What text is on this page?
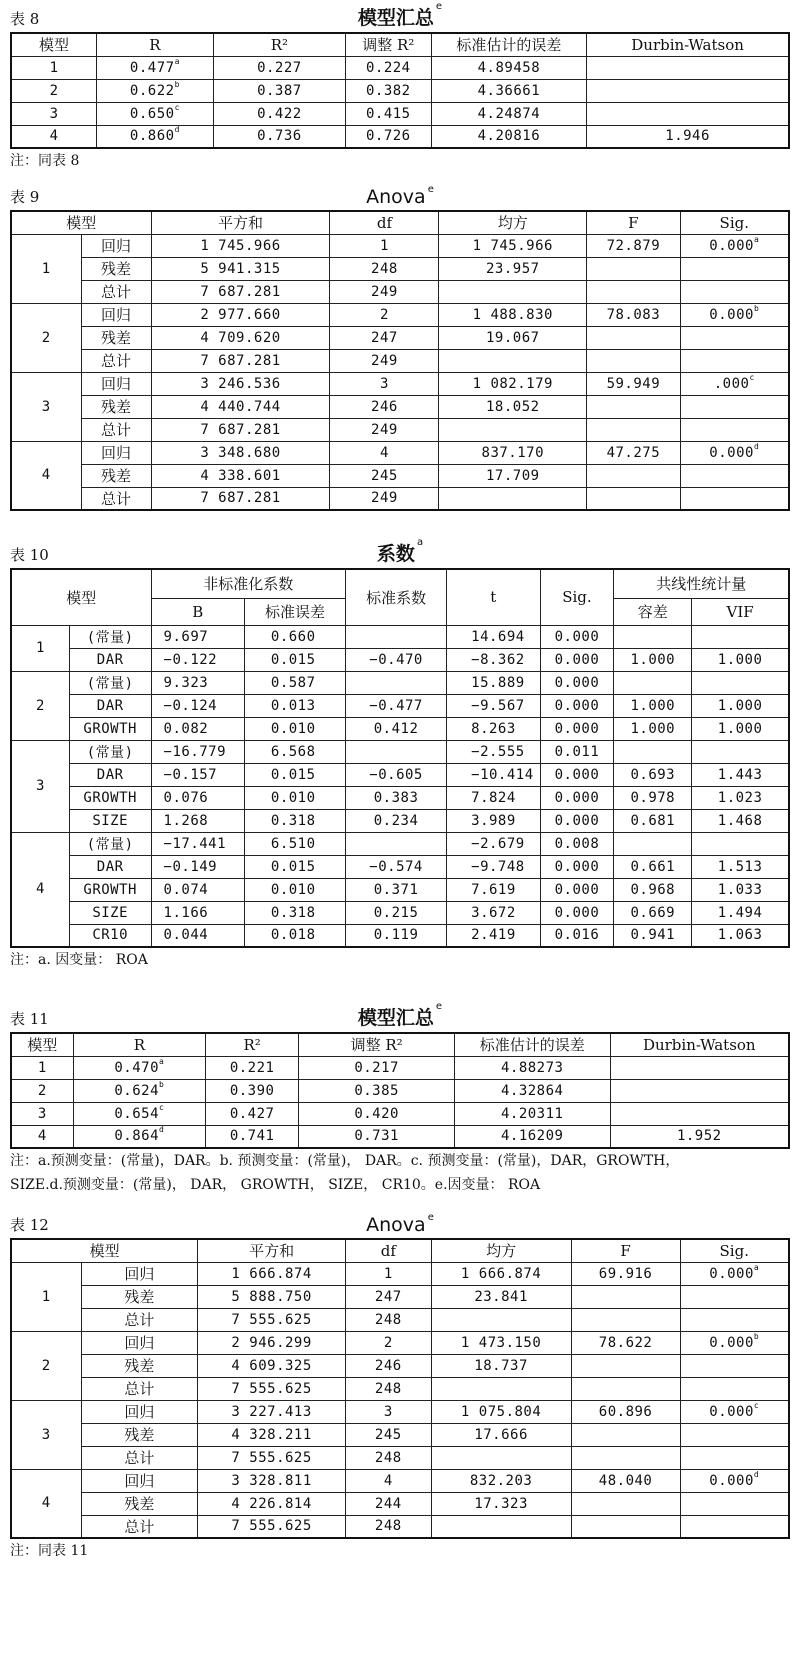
表 8	模型汇总$^e$
模型	R	R²	调整 R²	标准估计的误差	Durbin-Watson
1	0.477$^a$	0.227	0.224	4.89458	
2	0.622$^b$	0.387	0.382	4.36661	
3	0.650$^c$	0.422	0.415	4.24874	
4	0.860$^d$	0.736	0.726	4.20816	1.946
注：同表 8
表 9	Anova $^e$
模型		平方和	df	均方	F	Sig.
1	回归	1 745.966	1	1 745.966	72.879	0.000$^a$
	残差	5 941.315	248	23.957		
	总计	7 687.281	249			
2	回归	2 977.660	2	1 488.830	78.083	0.000$^b$
	残差	4 709.620	247	19.067		
	总计	7 687.281	249			
3	回归	3 246.536	3	1 082.179	59.949	.000$^c$
	残差	4 440.744	246	18.052		
	总计	7 687.281	249			
4	回归	3 348.680	4	837.170	47.275	0.000$^d$
	残差	4 338.601	245	17.709		
	总计	7 687.281	249			
表 10	系数$^a$
模型		非标准化系数		标准系数	t	Sig.	共线性统计量	
		B	标准误差				容差	VIF
1	(常量)	9.697	0.660		14.694	0.000		
	DAR	−0.122	0.015	−0.470	−8.362	0.000	1.000	1.000
2	(常量)	9.323	0.587		15.889	0.000		
	DAR	−0.124	0.013	−0.477	−9.567	0.000	1.000	1.000
	GROWTH	0.082	0.010	0.412	8.263	0.000	1.000	1.000
3	(常量)	−16.779	6.568		−2.555	0.011		
	DAR	−0.157	0.015	−0.605	−10.414	0.000	0.693	1.443
	GROWTH	0.076	0.010	0.383	7.824	0.000	0.978	1.023
	SIZE	1.268	0.318	0.234	3.989	0.000	0.681	1.468
4	(常量)	−17.441	6.510		−2.679	0.008		
	DAR	−0.149	0.015	−0.574	−9.748	0.000	0.661	1.513
	GROWTH	0.074	0.010	0.371	7.619	0.000	0.968	1.033
	SIZE	1.166	0.318	0.215	3.672	0.000	0.669	1.494
	CR10	0.044	0.018	0.119	2.419	0.016	0.941	1.063
注：a. 因变量： ROA
表 11	模型汇总$^e$
模型	R	R²	调整 R²	标准估计的误差	Durbin-Watson
1	0.470$^a$	0.221	0.217	4.88273	
2	0.624$^b$	0.390	0.385	4.32864	
3	0.654$^c$	0.427	0.420	4.20311	
4	0.864$^d$	0.741	0.731	4.16209	1.952
注：a.预测变量：(常量)，DAR。b. 预测变量：(常量)， DAR。c. 预测变量：(常量)，DAR，GROWTH，
SIZE.d.预测变量：(常量)， DAR， GROWTH， SIZE， CR10。e.因变量： ROA
表 12	Anova $^e$
模型		平方和	df	均方	F	Sig.
1	回归	1 666.874	1	1 666.874	69.916	0.000$^a$
	残差	5 888.750	247	23.841		
	总计	7 555.625	248			
2	回归	2 946.299	2	1 473.150	78.622	0.000$^b$
	残差	4 609.325	246	18.737		
	总计	7 555.625	248			
3	回归	3 227.413	3	1 075.804	60.896	0.000$^c$
	残差	4 328.211	245	17.666		
	总计	7 555.625	248			
4	回归	3 328.811	4	832.203	48.040	0.000$^d$
	残差	4 226.814	244	17.323		
	总计	7 555.625	248			
注：同表 11
